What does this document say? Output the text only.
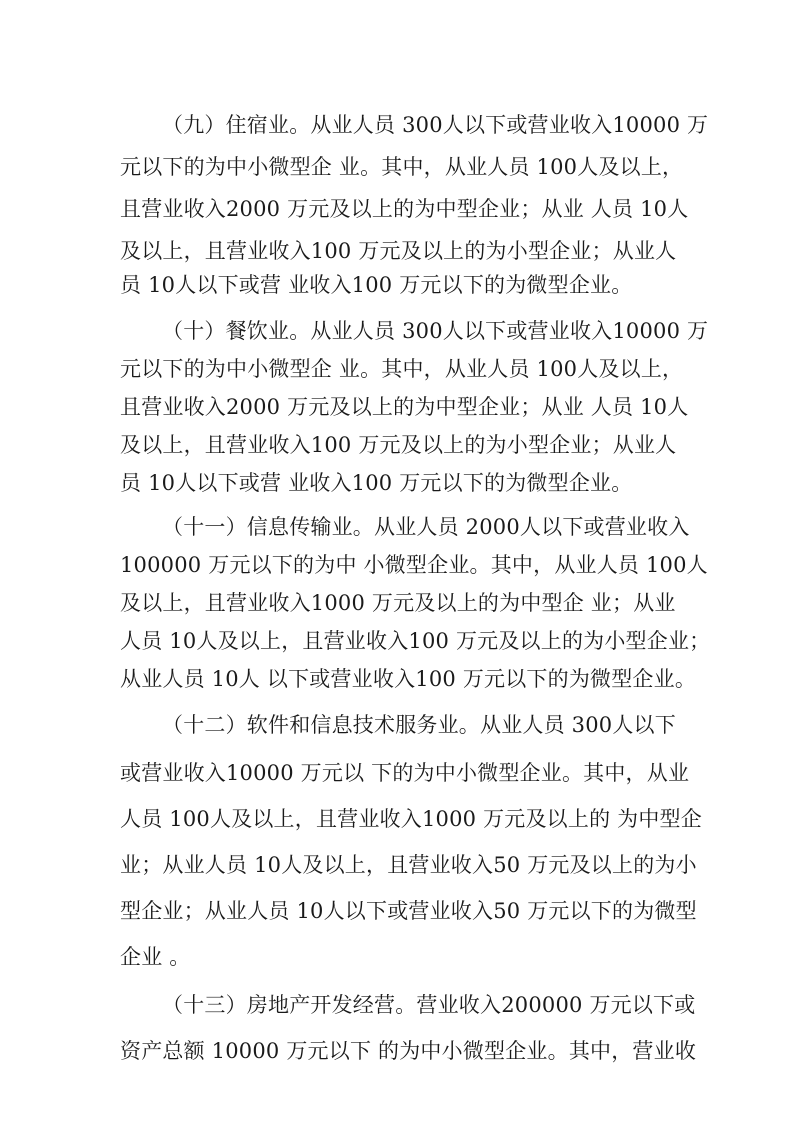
（九）住宿业。从业人员 300人以下或营业收入10000 万
元以下的为中小微型企 业。其中，从业人员 100人及以上，
且营业收入2000 万元及以上的为中型企业；从业 人员 10人
及以上，且营业收入100 万元及以上的为小型企业；从业人
员 10人以下或营 业收入100 万元以下的为微型企业。
（十）餐饮业。从业人员 300人以下或营业收入10000 万
元以下的为中小微型企 业。其中，从业人员 100人及以上，
且营业收入2000 万元及以上的为中型企业；从业 人员 10人
及以上，且营业收入100 万元及以上的为小型企业；从业人
员 10人以下或营 业收入100 万元以下的为微型企业。
（十一）信息传输业。从业人员 2000人以下或营业收入
100000 万元以下的为中 小微型企业。其中，从业人员 100人
及以上，且营业收入1000 万元及以上的为中型企 业；从业
人员 10人及以上，且营业收入100 万元及以上的为小型企业；
从业人员 10人 以下或营业收入100 万元以下的为微型企业。
（十二）软件和信息技术服务业。从业人员 300人以下
或营业收入10000 万元以 下的为中小微型企业。其中，从业
人员 100人及以上，且营业收入1000 万元及以上的 为中型企
业；从业人员 10人及以上，且营业收入50 万元及以上的为小
型企业；从业人员 10人以下或营业收入50 万元以下的为微型
企业 。
（十三）房地产开发经营。营业收入200000 万元以下或
资产总额 10000 万元以下 的为中小微型企业。其中，营业收
